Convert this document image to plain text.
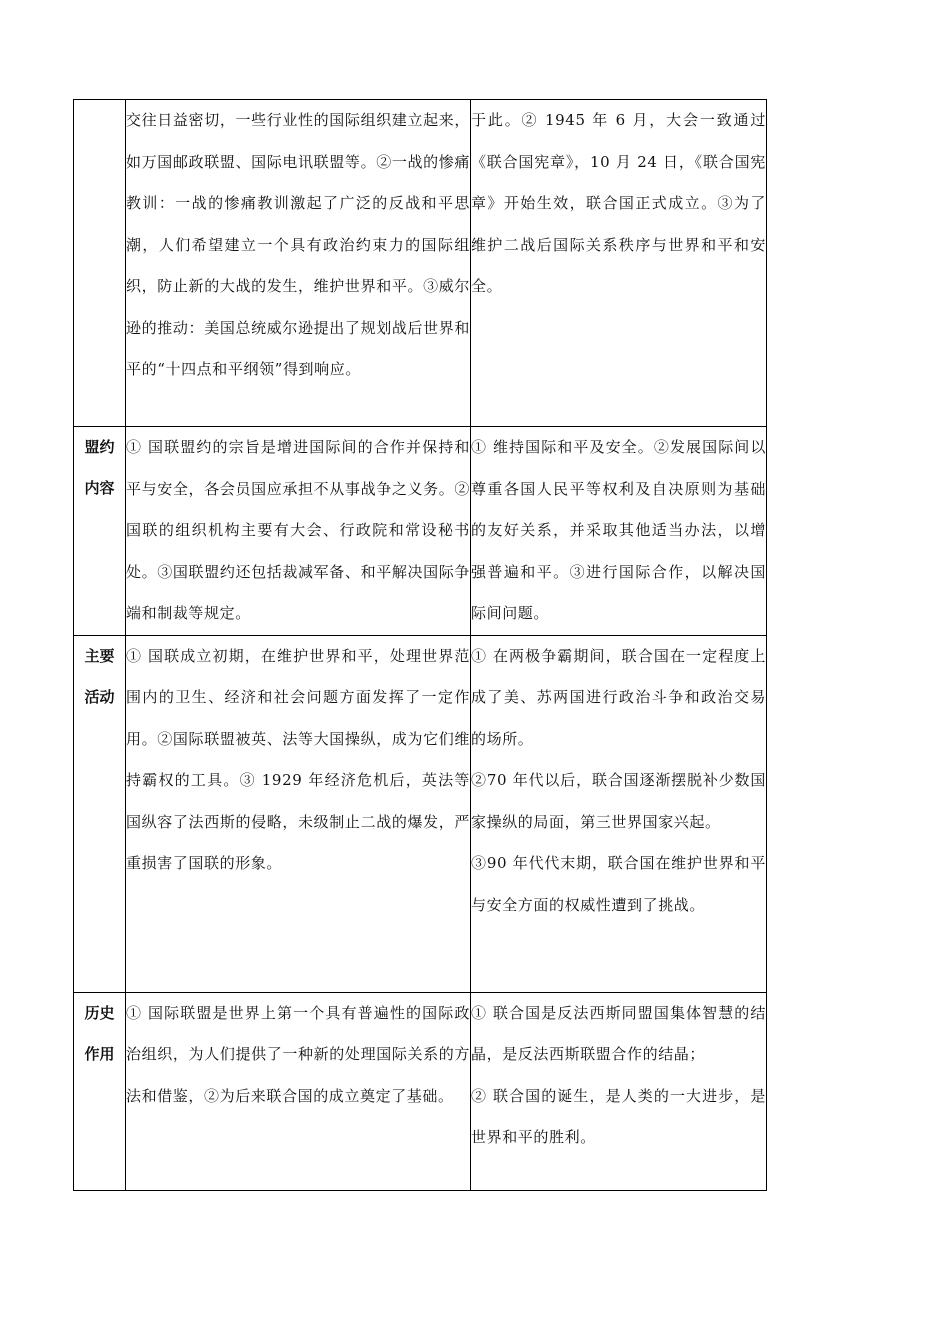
	交往日益密切，一些行业性的国际组织建立起来，如万国邮政联盟、国际电讯联盟等。②一战的惨痛教训：一战的惨痛教训激起了广泛的反战和平思潮，人们希望建立一个具有政治约束力的国际组织，防止新的大战的发生，维护世界和平。③威尔逊的推动：美国总统威尔逊提出了规划战后世界和平的“十四点和平纲领”得到响应。	于此。② 1945 年 6 月，大会一致通过《联合国宪章》，10 月 24 日，《联合国宪章》开始生效，联合国正式成立。③为了维护二战后国际关系秩序与世界和平和安全。

盟约
内容	① 国联盟约的宗旨是增进国际间的合作并保持和平与安全，各会员国应承担不从事战争之义务。②国联的组织机构主要有大会、行政院和常设秘书处。③国联盟约还包括裁减军备、和平解决国际争端和制裁等规定。	① 维持国际和平及安全。②发展国际间以尊重各国人民平等权利及自决原则为基础的友好关系，并采取其他适当办法，以增强普遍和平。③进行国际合作，以解决国际间问题。

主要
活动	① 国联成立初期，在维护世界和平，处理世界范围内的卫生、经济和社会问题方面发挥了一定作用。②国际联盟被英、法等大国操纵，成为它们维持霸权的工具。③ 1929 年经济危机后，英法等国纵容了法西斯的侵略，未级制止二战的爆发，严重损害了国联的形象。	① 在两极争霸期间，联合国在一定程度上成了美、苏两国进行政治斗争和政治交易的场所。
②70 年代以后，联合国逐渐摆脱补少数国家操纵的局面，第三世界国家兴起。
③90 年代代末期，联合国在维护世界和平与安全方面的权威性遭到了挑战。

历史
作用	① 国际联盟是世界上第一个具有普遍性的国际政治组织，为人们提供了一种新的处理国际关系的方法和借鉴，②为后来联合国的成立奠定了基础。	① 联合国是反法西斯同盟国集体智慧的结晶，是反法西斯联盟合作的结晶；
② 联合国的诞生，是人类的一大进步，是世界和平的胜利。
